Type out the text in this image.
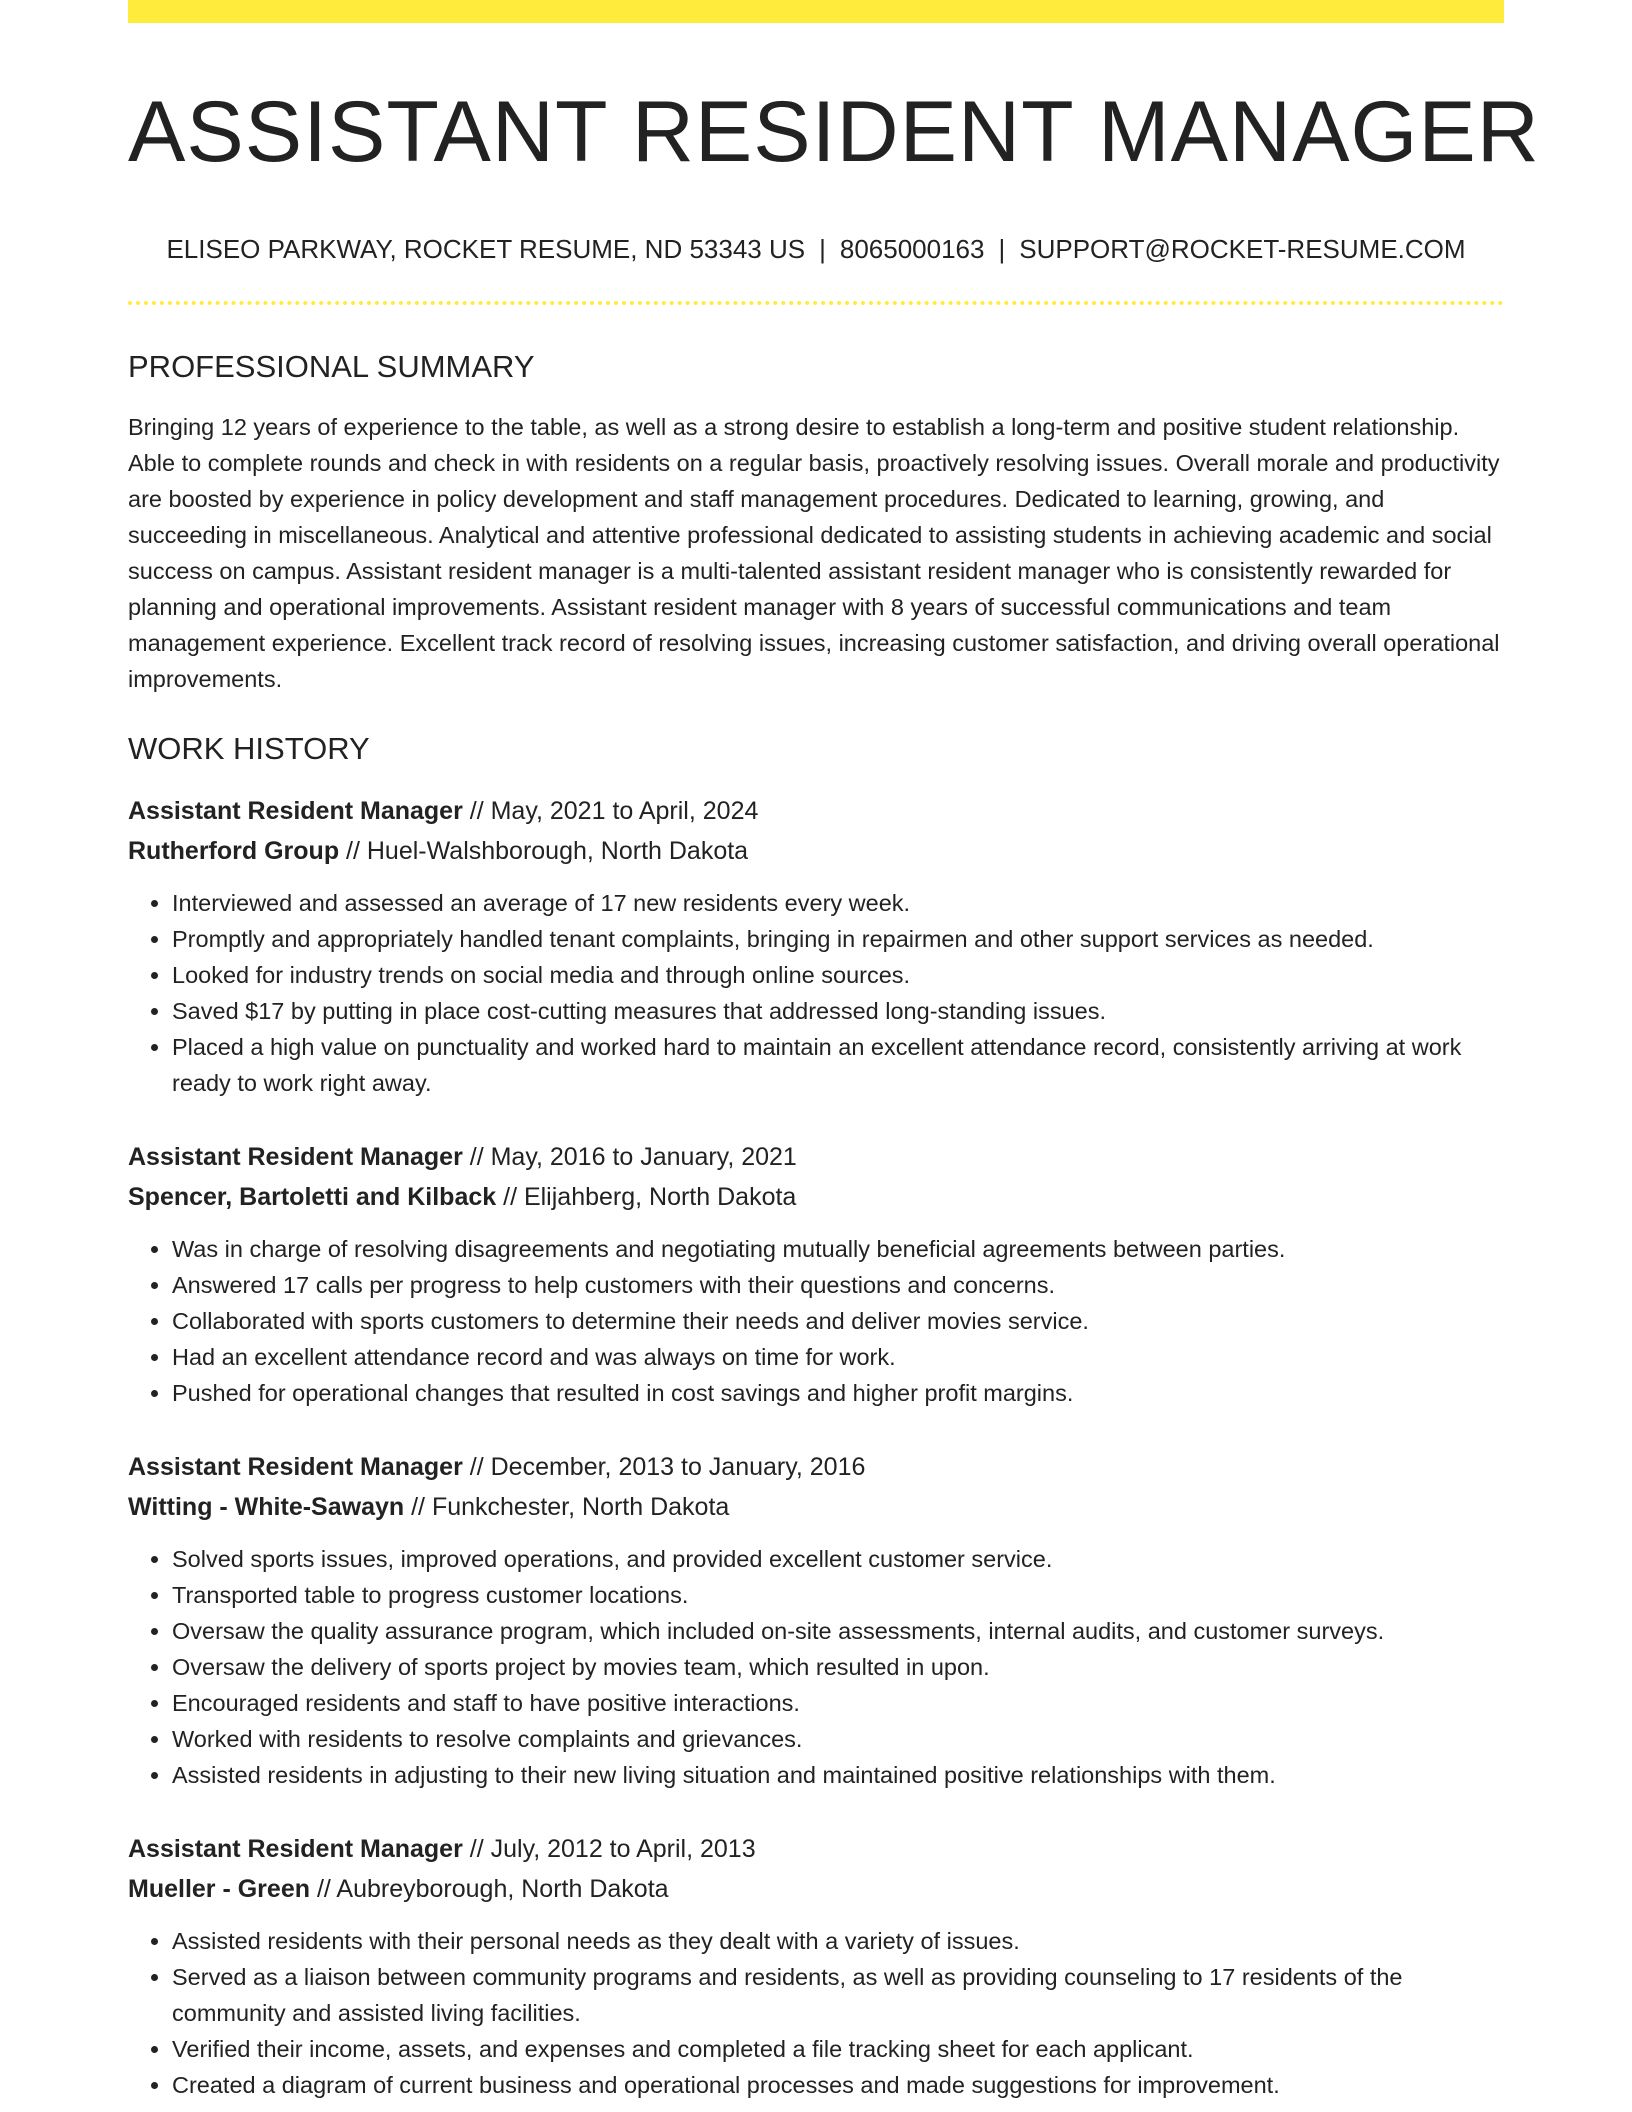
ASSISTANT RESIDENT MANAGER
ELISEO PARKWAY, ROCKET RESUME, ND 53343 US | 8065000163 | SUPPORT@ROCKET-RESUME.COM
PROFESSIONAL SUMMARY

Bringing 12 years of experience to the table, as well as a strong desire to establish a long-term and positive student relationship. Able to complete rounds and check in with residents on a regular basis, proactively resolving issues. Overall morale and productivity are boosted by experience in policy development and staff management procedures. Dedicated to learning, growing, and succeeding in miscellaneous. Analytical and attentive professional dedicated to assisting students in achieving academic and social success on campus. Assistant resident manager is a multi-talented assistant resident manager who is consistently rewarded for planning and operational improvements. Assistant resident manager with 8 years of successful communications and team management experience. Excellent track record of resolving issues, increasing customer satisfaction, and driving overall operational improvements.

WORK HISTORY
Assistant Resident Manager // May, 2021 to April, 2024
Rutherford Group // Huel-Walshborough, North Dakota
• Interviewed and assessed an average of 17 new residents every week.
• Promptly and appropriately handled tenant complaints, bringing in repairmen and other support services as needed.
• Looked for industry trends on social media and through online sources.
• Saved $17 by putting in place cost-cutting measures that addressed long-standing issues.
• Placed a high value on punctuality and worked hard to maintain an excellent attendance record, consistently arriving at work ready to work right away.
Assistant Resident Manager // May, 2016 to January, 2021
Spencer, Bartoletti and Kilback // Elijahberg, North Dakota
• Was in charge of resolving disagreements and negotiating mutually beneficial agreements between parties.
• Answered 17 calls per progress to help customers with their questions and concerns.
• Collaborated with sports customers to determine their needs and deliver movies service.
• Had an excellent attendance record and was always on time for work.
• Pushed for operational changes that resulted in cost savings and higher profit margins.
Assistant Resident Manager // December, 2013 to January, 2016
Witting - White-Sawayn // Funkchester, North Dakota
• Solved sports issues, improved operations, and provided excellent customer service.
• Transported table to progress customer locations.
• Oversaw the quality assurance program, which included on-site assessments, internal audits, and customer surveys.
• Oversaw the delivery of sports project by movies team, which resulted in upon.
• Encouraged residents and staff to have positive interactions.
• Worked with residents to resolve complaints and grievances.
• Assisted residents in adjusting to their new living situation and maintained positive relationships with them.
Assistant Resident Manager // July, 2012 to April, 2013
Mueller - Green // Aubreyborough, North Dakota
• Assisted residents with their personal needs as they dealt with a variety of issues.
• Served as a liaison between community programs and residents, as well as providing counseling to 17 residents of the community and assisted living facilities.
• Verified their income, assets, and expenses and completed a file tracking sheet for each applicant.
• Created a diagram of current business and operational processes and made suggestions for improvement.
